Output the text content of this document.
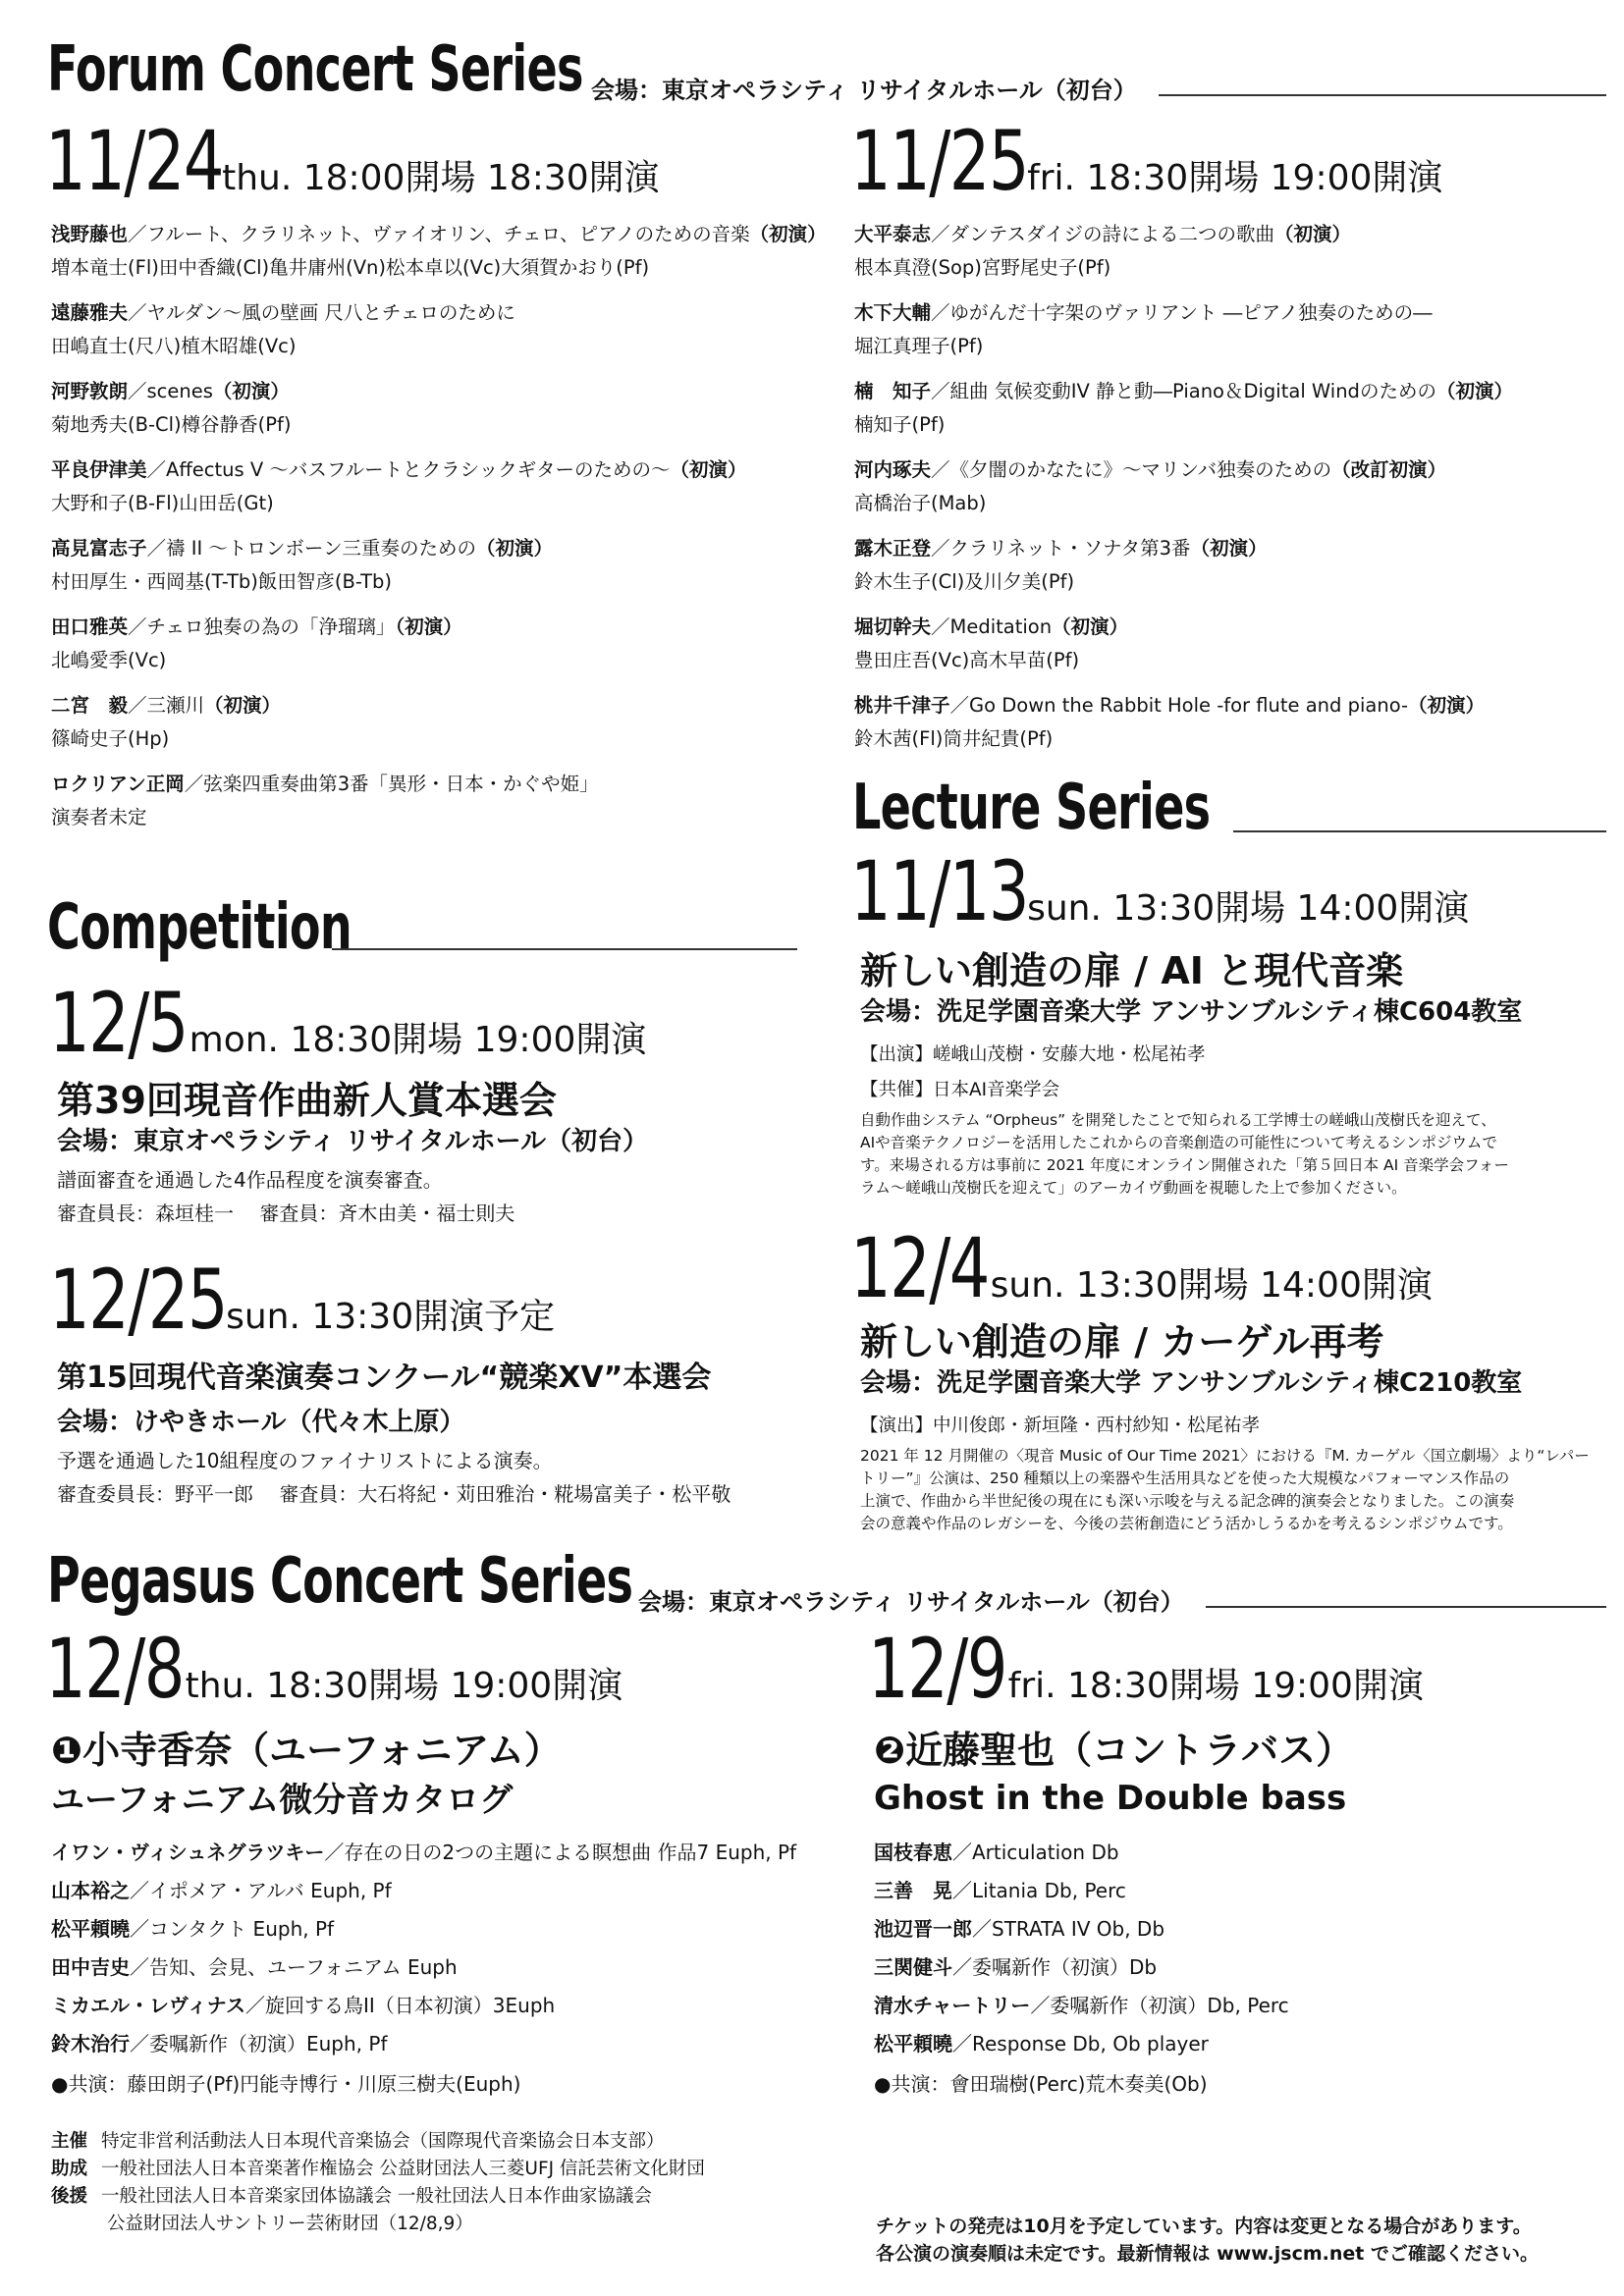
Forum Concert Series 会場：東京オペラシティ リサイタルホール（初台）
11/24thu. 18:00開場 18:30開演
浅野藤也／フルート、クラリネット、ヴァイオリン、チェロ、ピアノのための音楽（初演）
増本竜士(Fl)田中香織(Cl)亀井庸州(Vn)松本卓以(Vc)大須賀かおり(Pf)
遠藤雅夫／ヤルダン～風の壁画 尺八とチェロのために
田嶋直士(尺八)植木昭雄(Vc)
河野敦朗／scenes（初演）
菊地秀夫(B-Cl)樽谷静香(Pf)
平良伊津美／Affectus V ～バスフルートとクラシックギターのための～（初演）
大野和子(B-Fl)山田岳(Gt)
高見富志子／禱 II ～トロンボーン三重奏のための（初演）
村田厚生・西岡基(T-Tb)飯田智彦(B-Tb)
田口雅英／チェロ独奏の為の「浄瑠璃」（初演）
北嶋愛季(Vc)
二宮　毅／三瀬川（初演）
篠崎史子(Hp)
ロクリアン正岡／弦楽四重奏曲第3番「異形・日本・かぐや姫」
演奏者未定
11/25fri. 18:30開場 19:00開演
大平泰志／ダンテスダイジの詩による二つの歌曲（初演）
根本真澄(Sop)宮野尾史子(Pf)
木下大輔／ゆがんだ十字架のヴァリアント ―ピアノ独奏のための―
堀江真理子(Pf)
楠　知子／組曲 気候変動IV 静と動―Piano＆Digital Windのための（初演）
楠知子(Pf)
河内琢夫／《夕闇のかなたに》～マリンバ独奏のための（改訂初演）
高橋治子(Mab)
露木正登／クラリネット・ソナタ第3番（初演）
鈴木生子(Cl)及川夕美(Pf)
堀切幹夫／Meditation（初演）
豊田庄吾(Vc)高木早苗(Pf)
桃井千津子／Go Down the Rabbit Hole -for flute and piano-（初演）
鈴木茜(Fl)筒井紀貴(Pf)
Competition
12/5mon. 18:30開場 19:00開演
第39回現音作曲新人賞本選会
会場：東京オペラシティ リサイタルホール（初台）
譜面審査を通過した4作品程度を演奏審査。
審査員長：森垣桂一　 審査員：斉木由美・福士則夫
12/25sun. 13:30開演予定
第15回現代音楽演奏コンクール“競楽XV”本選会
会場：けやきホール（代々木上原）
予選を通過した10組程度のファイナリストによる演奏。
審査委員長：野平一郎　 審査員：大石将紀・苅田雅治・糀場富美子・松平敬
Lecture Series
11/13sun. 13:30開場 14:00開演
新しい創造の扉 / AI と現代音楽
会場：洗足学園音楽大学 アンサンブルシティ棟C604教室
【出演】嵯峨山茂樹・安藤大地・松尾祐孝
【共催】日本AI音楽学会
自動作曲システム “Orpheus” を開発したことで知られる工学博士の嵯峨山茂樹氏を迎えて、
AIや音楽テクノロジーを活用したこれからの音楽創造の可能性について考えるシンポジウムで
す。来場される方は事前に 2021 年度にオンライン開催された「第５回日本 AI 音楽学会フォー
ラム～嵯峨山茂樹氏を迎えて」のアーカイヴ動画を視聴した上で参加ください。
12/4sun. 13:30開場 14:00開演
新しい創造の扉 / カーゲル再考
会場：洗足学園音楽大学 アンサンブルシティ棟C210教室
【演出】中川俊郎・新垣隆・西村紗知・松尾祐孝
2021 年 12 月開催の〈現音 Music of Our Time 2021〉における『M. カーゲル〈国立劇場〉より“レパー
トリー”』公演は、250 種類以上の楽器や生活用具などを使った大規模なパフォーマンス作品の
上演で、作曲から半世紀後の現在にも深い示唆を与える記念碑的演奏会となりました。この演奏
会の意義や作品のレガシーを、今後の芸術創造にどう活かしうるかを考えるシンポジウムです。
Pegasus Concert Series 会場：東京オペラシティ リサイタルホール（初台）
12/8thu. 18:30開場 19:00開演
❶小寺香奈（ユーフォニアム）
ユーフォニアム微分音カタログ
イワン・ヴィシュネグラツキー／存在の日の2つの主題による瞑想曲 作品7 Euph, Pf
山本裕之／イポメア・アルバ Euph, Pf
松平頼曉／コンタクト Euph, Pf
田中吉史／告知、会見、ユーフォニアム Euph
ミカエル・レヴィナス／旋回する鳥II（日本初演）3Euph
鈴木治行／委嘱新作（初演）Euph, Pf
●共演：藤田朗子(Pf)円能寺博行・川原三樹夫(Euph)
12/9fri. 18:30開場 19:00開演
❷近藤聖也（コントラバス）
Ghost in the Double bass
国枝春恵／Articulation Db
三善　晃／Litania Db, Perc
池辺晋一郎／STRATA IV Ob, Db
三関健斗／委嘱新作（初演）Db
清水チャートリー／委嘱新作（初演）Db, Perc
松平頼曉／Response Db, Ob player
●共演：會田瑞樹(Perc)荒木奏美(Ob)
主催 特定非営利活動法人日本現代音楽協会（国際現代音楽協会日本支部）
助成 一般社団法人日本音楽著作権協会 公益財団法人三菱UFJ 信託芸術文化財団
後援 一般社団法人日本音楽家団体協議会 一般社団法人日本作曲家協議会
公益財団法人サントリー芸術財団（12/8,9）	チケットの発売は10月を予定しています。内容は変更となる場合があります。
各公演の演奏順は未定です。最新情報は www.jscm.net でご確認ください。
